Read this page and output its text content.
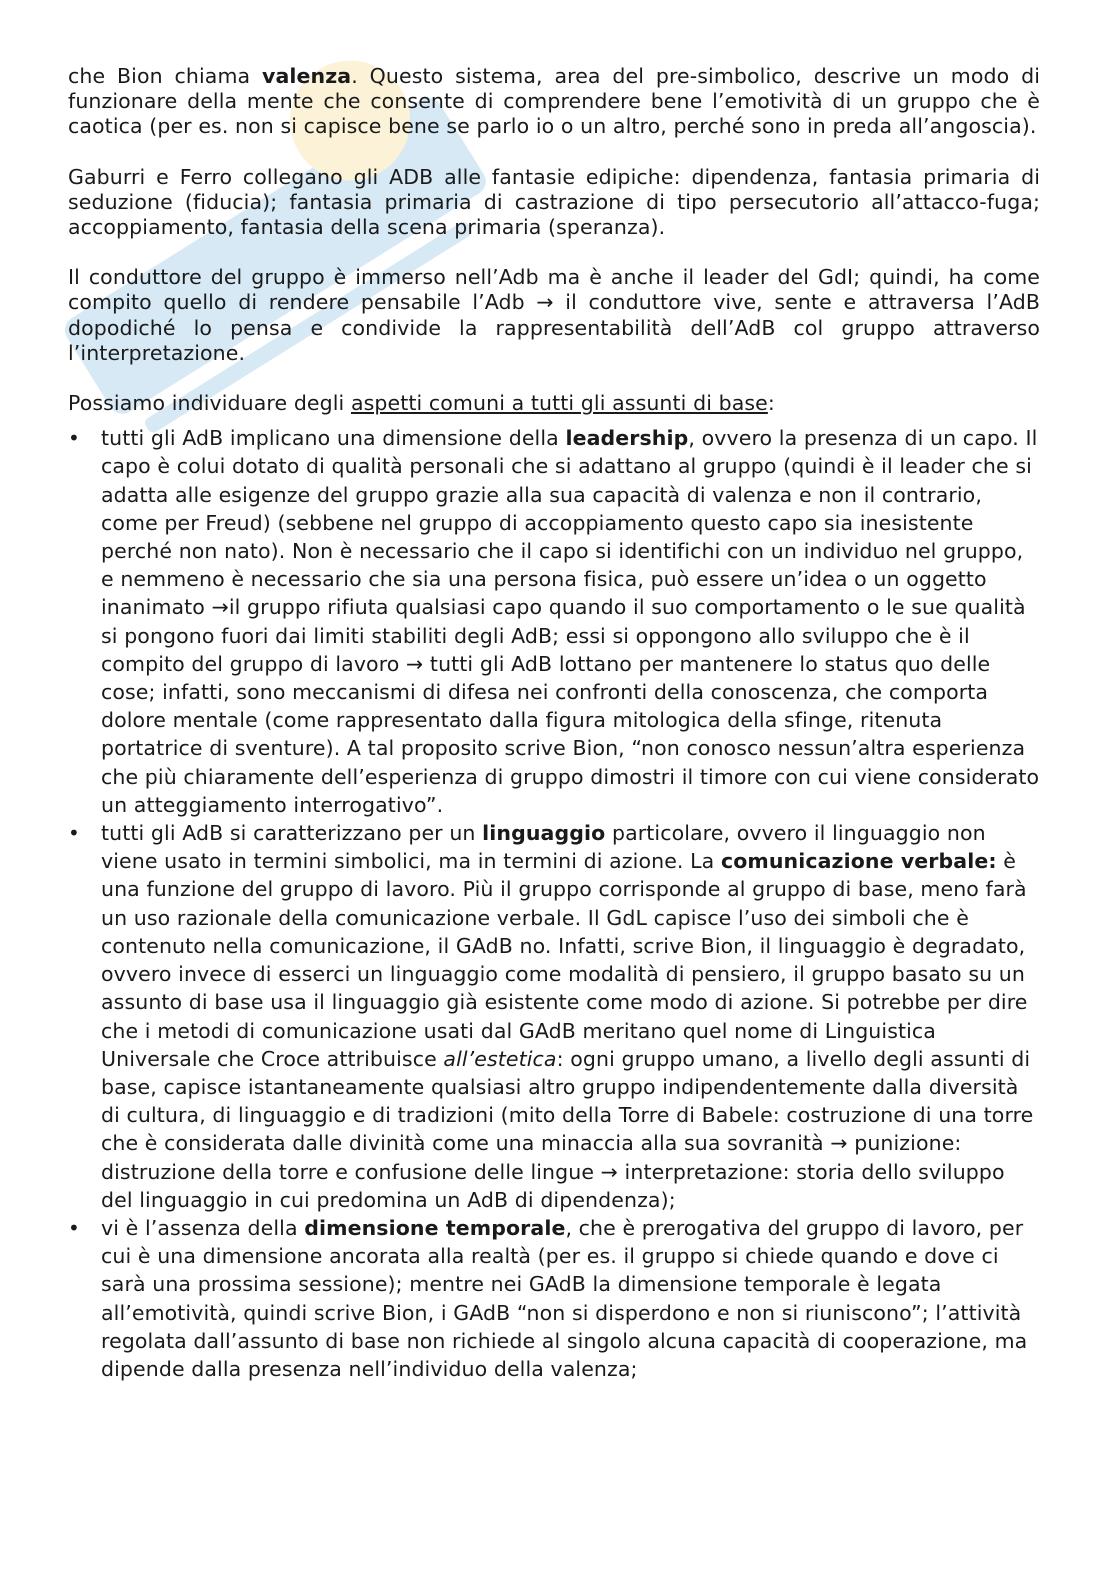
che Bion chiama valenza. Questo sistema, area del pre-simbolico, descrive un modo di funzionare della mente che consente di comprendere bene l’emotività di un gruppo che è caotica (per es. non si capisce bene se parlo io o un altro, perché sono in preda all’angoscia).

Gaburri e Ferro collegano gli ADB alle fantasie edipiche: dipendenza, fantasia primaria di seduzione (fiducia); fantasia primaria di castrazione di tipo persecutorio all’attacco-fuga; accoppiamento, fantasia della scena primaria (speranza).

Il conduttore del gruppo è immerso nell’Adb ma è anche il leader del GdI; quindi, ha come compito quello di rendere pensabile l’Adb → il conduttore vive, sente e attraversa l’AdB dopodiché lo pensa e condivide la rappresentabilità dell’AdB col gruppo attraverso l’interpretazione.

Possiamo individuare degli aspetti comuni a tutti gli assunti di base:

•	tutti gli AdB implicano una dimensione della leadership, ovvero la presenza di un capo. Il capo è colui dotato di qualità personali che si adattano al gruppo (quindi è il leader che si adatta alle esigenze del gruppo grazie alla sua capacità di valenza e non il contrario, come per Freud) (sebbene nel gruppo di accoppiamento questo capo sia inesistente perché non nato). Non è necessario che il capo si identifichi con un individuo nel gruppo, e nemmeno è necessario che sia una persona fisica, può essere un’idea o un oggetto inanimato →il gruppo rifiuta qualsiasi capo quando il suo comportamento o le sue qualità si pongono fuori dai limiti stabiliti degli AdB; essi si oppongono allo sviluppo che è il compito del gruppo di lavoro → tutti gli AdB lottano per mantenere lo status quo delle cose; infatti, sono meccanismi di difesa nei confronti della conoscenza, che comporta dolore mentale (come rappresentato dalla figura mitologica della sfinge, ritenuta portatrice di sventure). A tal proposito scrive Bion, “non conosco nessun’altra esperienza che più chiaramente dell’esperienza di gruppo dimostri il timore con cui viene considerato un atteggiamento interrogativo”.
•	tutti gli AdB si caratterizzano per un linguaggio particolare, ovvero il linguaggio non viene usato in termini simbolici, ma in termini di azione. La comunicazione verbale: è una funzione del gruppo di lavoro. Più il gruppo corrisponde al gruppo di base, meno farà un uso razionale della comunicazione verbale. Il GdL capisce l’uso dei simboli che è contenuto nella comunicazione, il GAdB no. Infatti, scrive Bion, il linguaggio è degradato, ovvero invece di esserci un linguaggio come modalità di pensiero, il gruppo basato su un assunto di base usa il linguaggio già esistente come modo di azione. Si potrebbe per dire che i metodi di comunicazione usati dal GAdB meritano quel nome di Linguistica Universale che Croce attribuisce all’estetica: ogni gruppo umano, a livello degli assunti di base, capisce istantaneamente qualsiasi altro gruppo indipendentemente dalla diversità di cultura, di linguaggio e di tradizioni (mito della Torre di Babele: costruzione di una torre che è considerata dalle divinità come una minaccia alla sua sovranità → punizione: distruzione della torre e confusione delle lingue → interpretazione: storia dello sviluppo del linguaggio in cui predomina un AdB di dipendenza);
•	vi è l’assenza della dimensione temporale, che è prerogativa del gruppo di lavoro, per cui è una dimensione ancorata alla realtà (per es. il gruppo si chiede quando e dove ci sarà una prossima sessione); mentre nei GAdB la dimensione temporale è legata all’emotività, quindi scrive Bion, i GAdB “non si disperdono e non si riuniscono”; l’attività regolata dall’assunto di base non richiede al singolo alcuna capacità di cooperazione, ma dipende dalla presenza nell’individuo della valenza;
